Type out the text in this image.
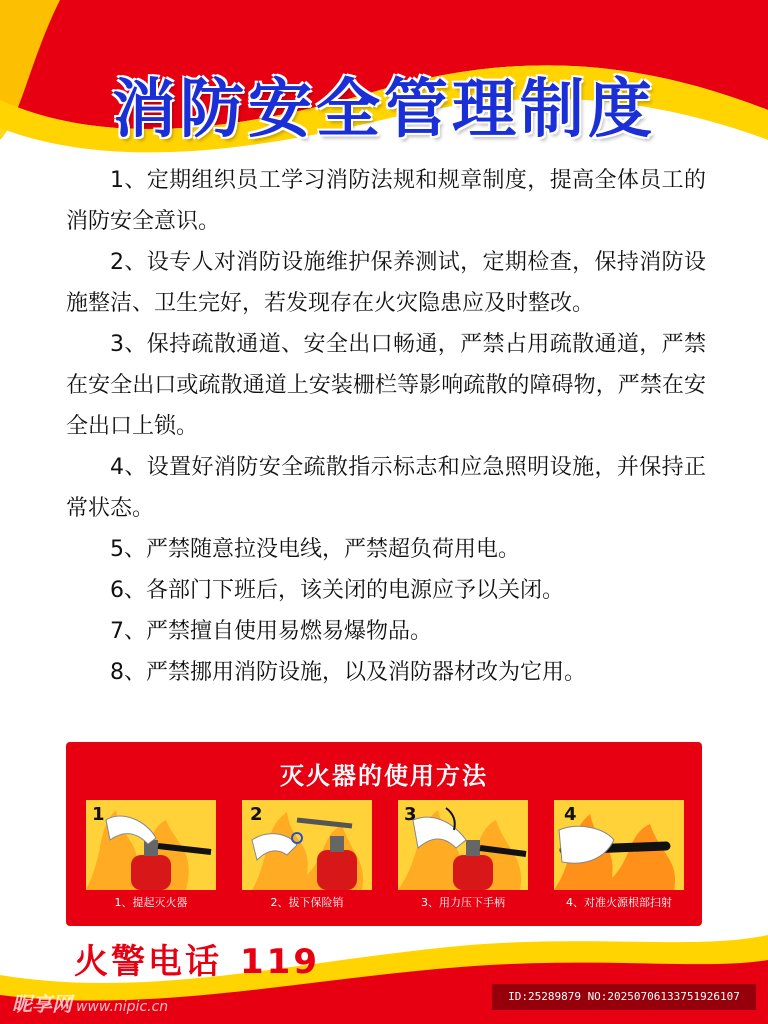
消防安全管理制度

1、定期组织员工学习消防法规和规章制度，提高全体员工的消防安全意识。

2、设专人对消防设施维护保养测试，定期检查，保持消防设施整洁、卫生完好，若发现存在火灾隐患应及时整改。

3、保持疏散通道、安全出口畅通，严禁占用疏散通道，严禁在安全出口或疏散通道上安装栅栏等影响疏散的障碍物，严禁在安全出口上锁。

4、设置好消防安全疏散指示标志和应急照明设施，并保持正常状态。

5、严禁随意拉没电线，严禁超负荷用电。

6、各部门下班后，该关闭的电源应予以关闭。

7、严禁擅自使用易燃易爆物品。

8、严禁挪用消防设施，以及消防器材改为它用。

灭火器的使用方法
1
1、提起灭火器
2
2、拔下保险销
3
3、用力压下手柄
4
4、对准火源根部扫射
火警电话 119
昵享网 www.nipic.cn
ID:25289879 NO:20250706133751926107
